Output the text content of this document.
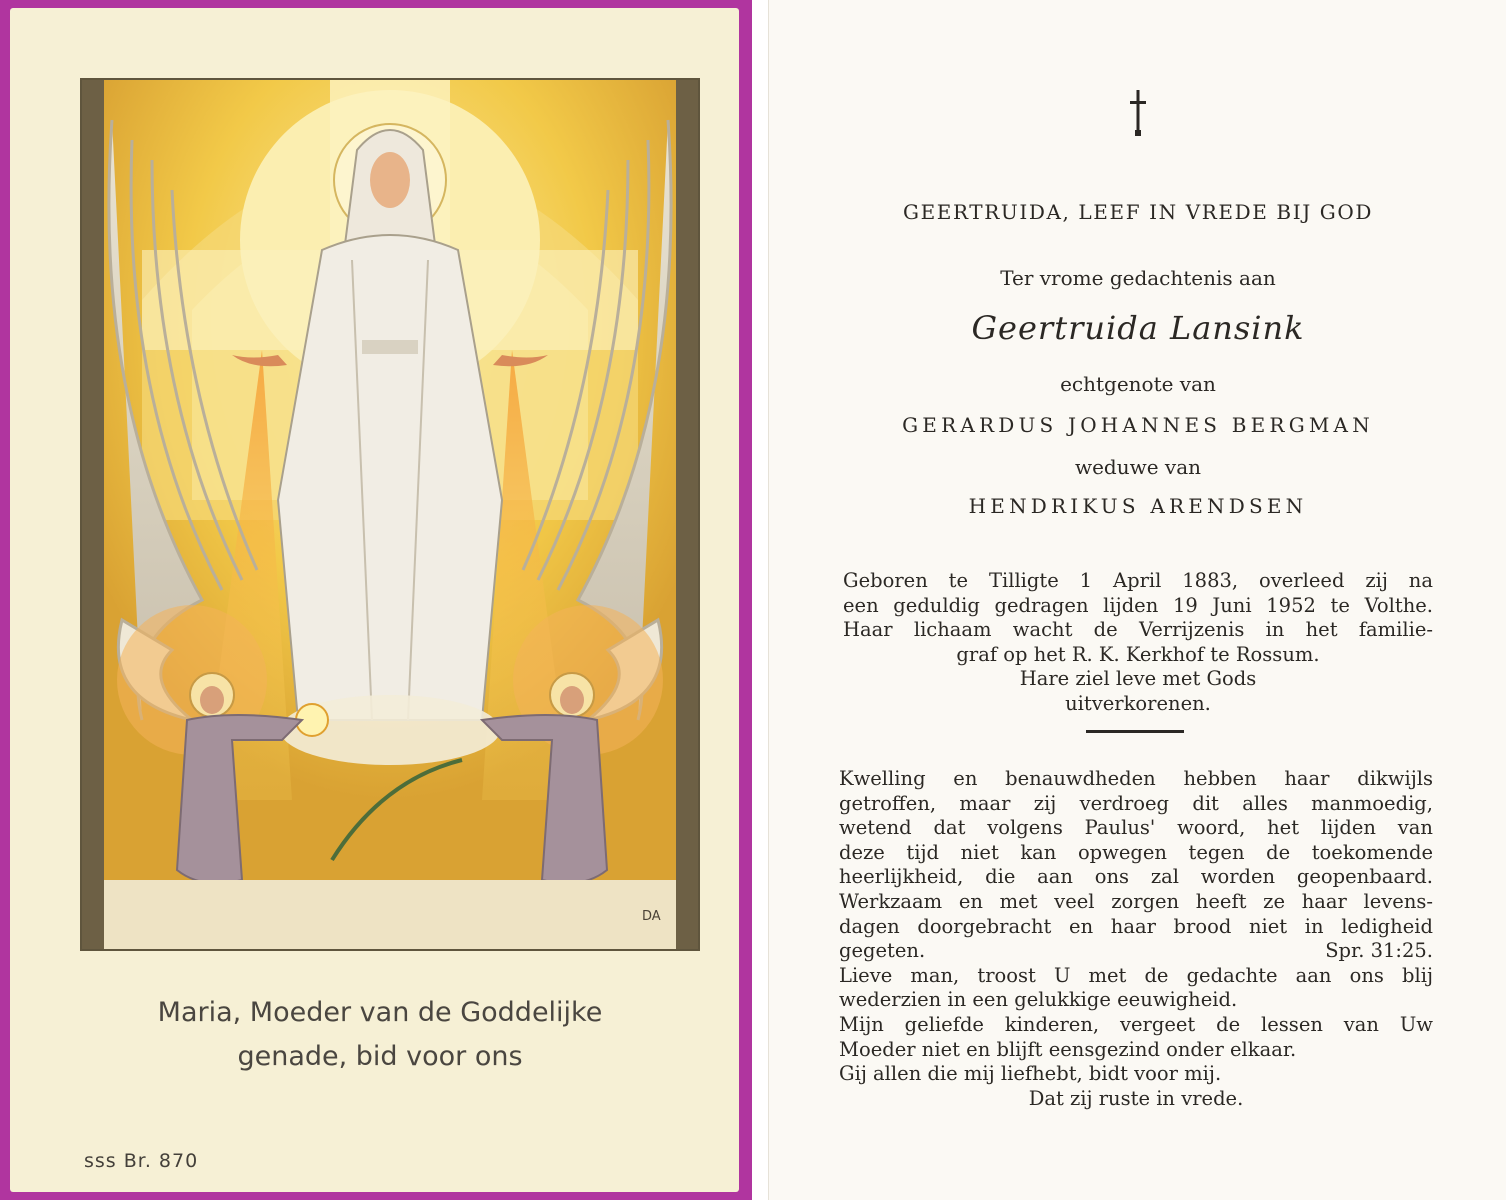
DA
Maria, Moeder van de Goddelijke
genade, bid voor ons
sss Br. 870
GEERTRUIDA, LEEF IN VREDE BIJ GOD
Ter vrome gedachtenis aan
Geertruida Lansink
echtgenote van
GERARDUS JOHANNES BERGMAN
weduwe van
HENDRIKUS ARENDSEN
Geboren te Tilligte 1 April 1883, overleed zij na
een geduldig gedragen lijden 19 Juni 1952 te Volthe.
Haar lichaam wacht de Verrijzenis in het familie-
graf op het R. K. Kerkhof te Rossum.
Hare ziel leve met Gods
uitverkorenen.
Kwelling en benauwdheden hebben haar dikwijls
getroffen, maar zij verdroeg dit alles manmoedig,
wetend dat volgens Paulus' woord, het lijden van
deze tijd niet kan opwegen tegen de toekomende
heerlijkheid, die aan ons zal worden geopenbaard.
Werkzaam en met veel zorgen heeft ze haar levens-
dagen doorgebracht en haar brood niet in ledigheid
gegeten.	Spr. 31:25.
Lieve man, troost U met de gedachte aan ons blij
wederzien in een gelukkige eeuwigheid.
Mijn geliefde kinderen, vergeet de lessen van Uw
Moeder niet en blijft eensgezind onder elkaar.
Gij allen die mij liefhebt, bidt voor mij.
Dat zij ruste in vrede.
